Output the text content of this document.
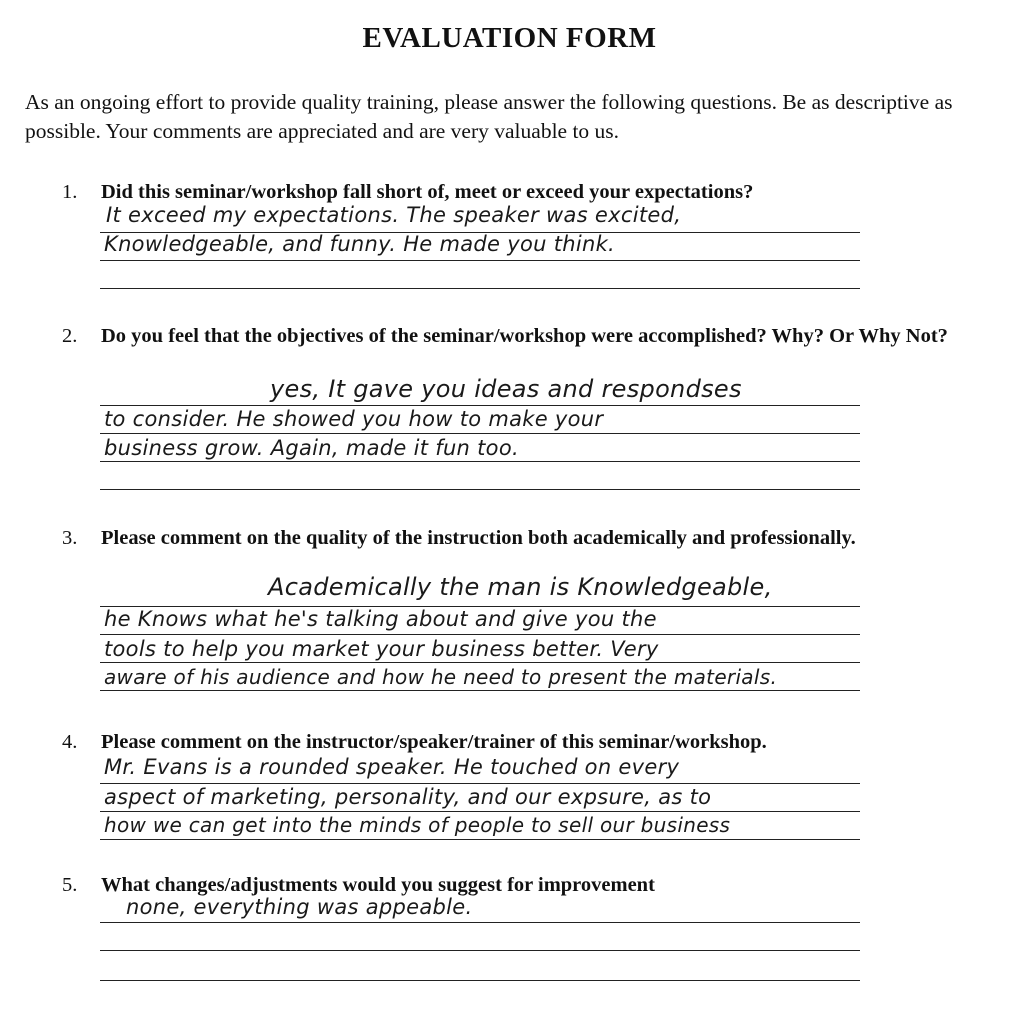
EVALUATION FORM
As an ongoing effort to provide quality training, please answer the following questions. Be as descriptive as possible. Your comments are appreciated and are very valuable to us.
1.	Did this seminar/workshop fall short of, meet or exceed your expectations?
It exceed my expectations. The speaker was excited,
Knowledgeable, and funny. He made you think.
2.	Do you feel that the objectives of the seminar/workshop were accomplished? Why? Or Why Not?
yes, It gave you ideas and respondses
to consider. He showed you how to make your
business grow. Again, made it fun too.
3.	Please comment on the quality of the instruction both academically and professionally.
Academically the man is Knowledgeable,
he Knows what he's talking about and give you the
tools to help you market your business better. Very
aware of his audience and how he need to present the materials.
4.	Please comment on the instructor/speaker/trainer of this seminar/workshop.
Mr. Evans is a rounded speaker. He touched on every
aspect of marketing, personality, and our expsure, as to
how we can get into the minds of people to sell our business
5.	What changes/adjustments would you suggest for improvement
none, everything was appeable.
